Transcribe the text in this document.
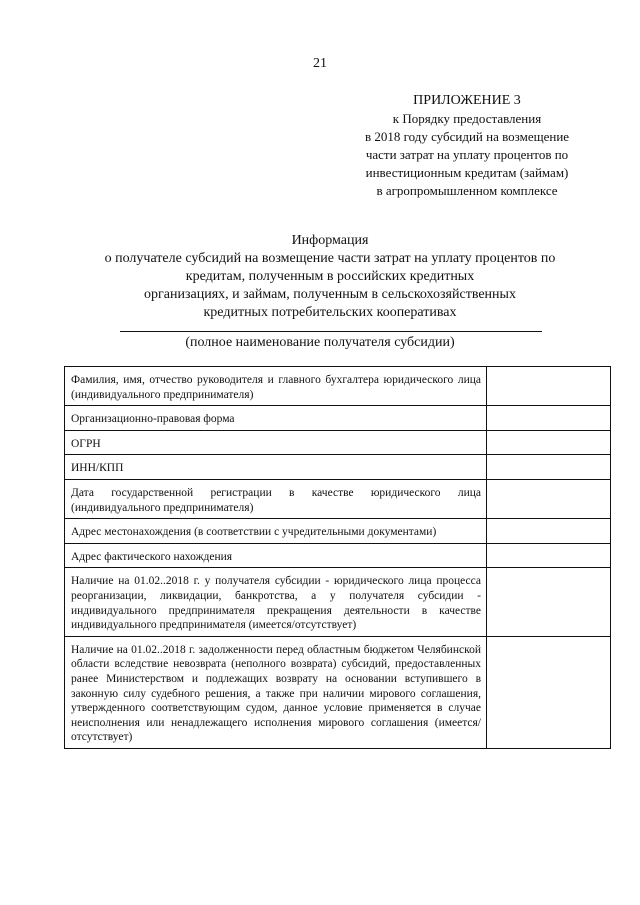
21
ПРИЛОЖЕНИЕ 3
к Порядку предоставления
в 2018 году субсидий на возмещение
части затрат на уплату процентов по
инвестиционным кредитам (займам)
в агропромышленном комплексе
Информация
о получателе субсидий на возмещение части затрат на уплату процентов по
кредитам, полученным в российских кредитных
организациях, и займам, полученным в сельскохозяйственных
кредитных потребительских кооперативах
(полное наименование получателя субсидии)
Фамилия, имя, отчество руководителя и главного бухгалтера юридического лица (индивидуального предпринимателя)	
Организационно-правовая форма	
ОГРН	
ИНН/КПП	
Дата государственной регистрации в качестве юридического лица (индивидуального предпринимателя)	
Адрес местонахождения (в соответствии с учредительными документами)	
Адрес фактического нахождения	
Наличие на 01.02..2018 г. у получателя субсидии - юридического лица процесса реорганизации, ликвидации, банкротства, а у получателя субсидии - индивидуального предпринимателя прекращения деятельности в качестве индивидуального предпринимателя (имеется/отсутствует)	
Наличие на 01.02..2018 г. задолженности перед областным бюджетом Челябинской области вследствие невозврата (неполного возврата) субсидий, предоставленных ранее Министерством и подлежащих возврату на основании вступившего в законную силу судебного решения, а также при наличии мирового соглашения, утвержденного соответствующим судом, данное условие применяется в случае неисполнения или ненадлежащего исполнения мирового соглашения (имеется/отсутствует)	
